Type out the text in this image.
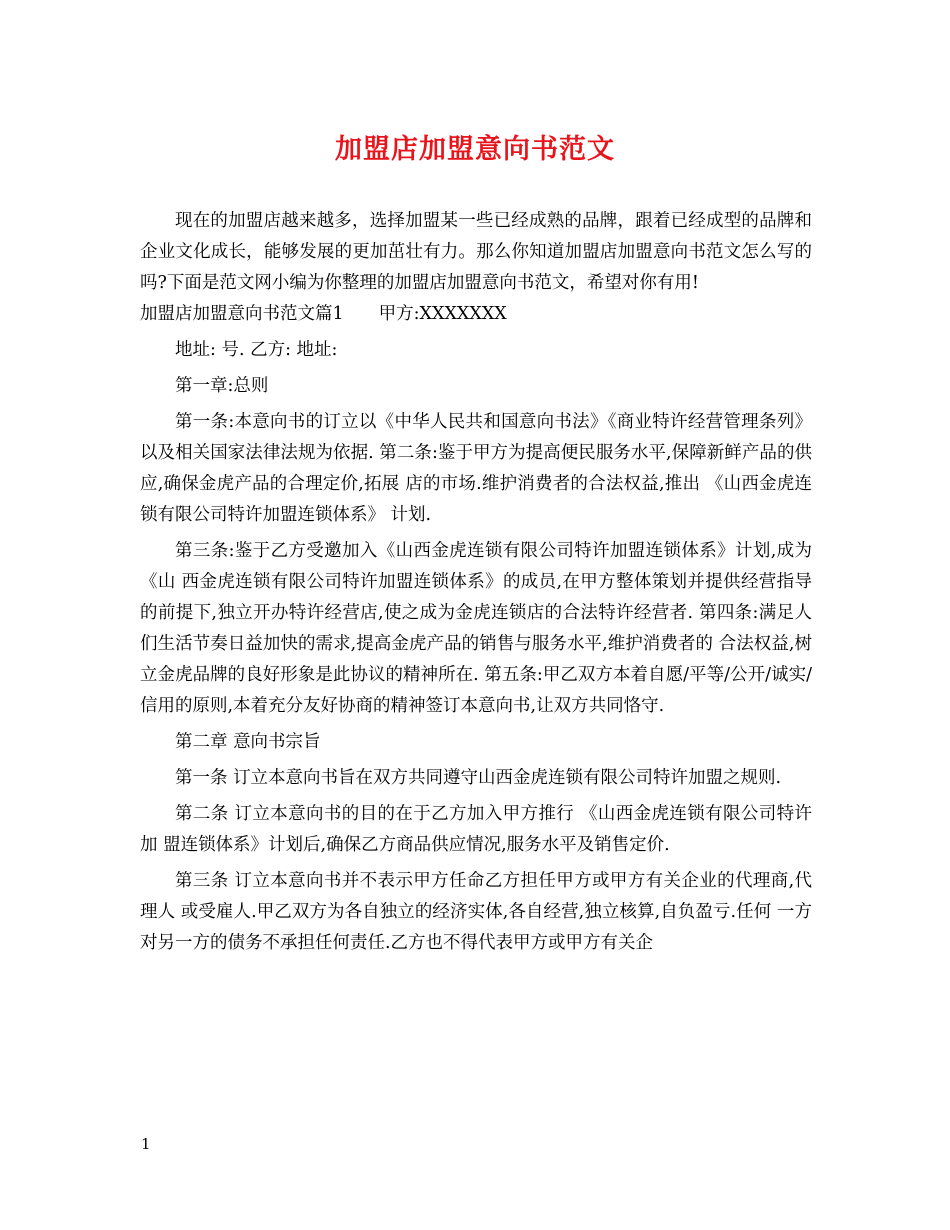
加盟店加盟意向书范文

现在的加盟店越来越多，选择加盟某一些已经成熟的品牌，跟着已经成型的品牌和企业文化成长，能够发展的更加茁壮有力。那么你知道加盟店加盟意向书范文怎么写的吗?下面是范文网小编为你整理的加盟店加盟意向书范文，希望对你有用!

加盟店加盟意向书范文篇1　　甲方:XXXXXXX

地址: 号. 乙方: 地址:

第一章:总则

第一条:本意向书的订立以《中华人民共和国意向书法》《商业特许经营管理条列》以及相关国家法律法规为依据. 第二条:鉴于甲方为提高便民服务水平,保障新鲜产品的供应,确保金虎产品的合理定价,拓展 店的市场.维护消费者的合法权益,推出 《山西金虎连锁有限公司特许加盟连锁体系》 计划.

第三条:鉴于乙方受邀加入《山西金虎连锁有限公司特许加盟连锁体系》计划,成为《山 西金虎连锁有限公司特许加盟连锁体系》的成员,在甲方整体策划并提供经营指导的前提下,独立开办特许经营店,使之成为金虎连锁店的合法特许经营者. 第四条:满足人们生活节奏日益加快的需求,提高金虎产品的销售与服务水平,维护消费者的 合法权益,树立金虎品牌的良好形象是此协议的精神所在. 第五条:甲乙双方本着自愿/平等/公开/诚实/信用的原则,本着充分友好协商的精神签订本意向书,让双方共同恪守.

第二章 意向书宗旨

第一条 订立本意向书旨在双方共同遵守山西金虎连锁有限公司特许加盟之规则.

第二条 订立本意向书的目的在于乙方加入甲方推行 《山西金虎连锁有限公司特许加 盟连锁体系》计划后,确保乙方商品供应情况,服务水平及销售定价.

第三条 订立本意向书并不表示甲方任命乙方担任甲方或甲方有关企业的代理商,代理人 或受雇人.甲乙双方为各自独立的经济实体,各自经营,独立核算,自负盈亏.任何 一方对另一方的债务不承担任何责任.乙方也不得代表甲方或甲方有关企

1
